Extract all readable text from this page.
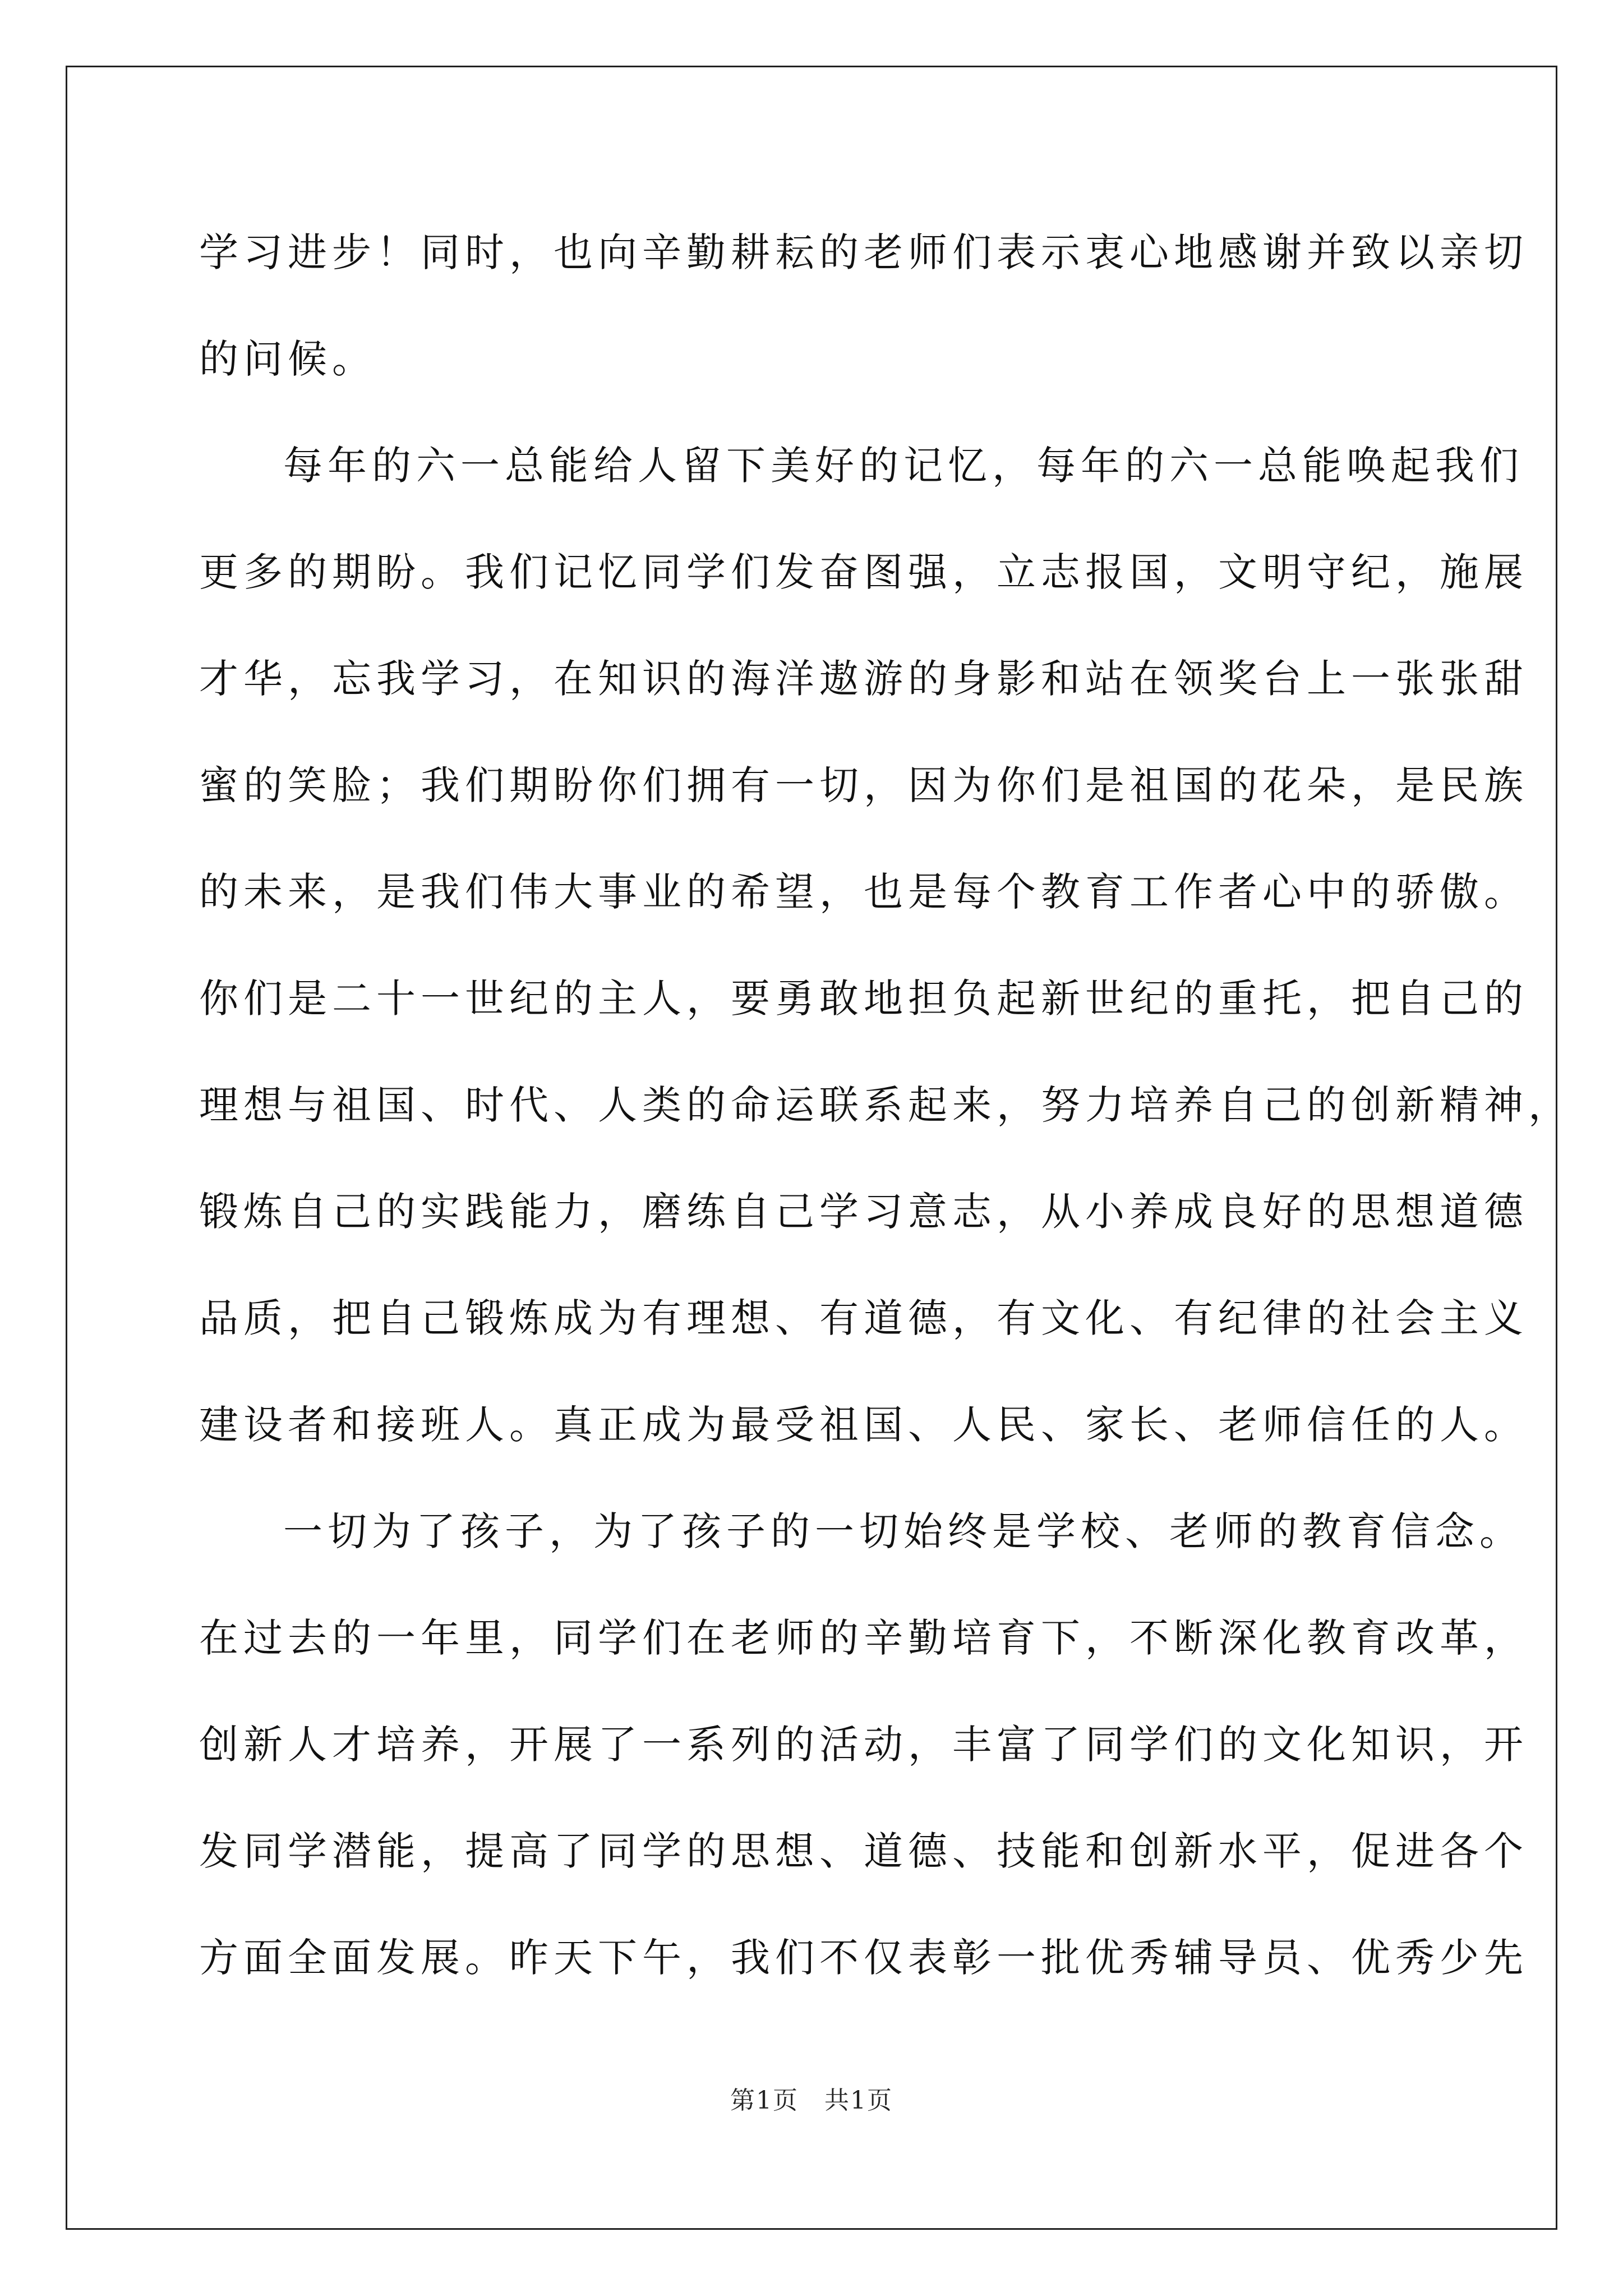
学习进步！同时，也向辛勤耕耘的老师们表示衷心地感谢并致以亲切
的问候。
每年的六一总能给人留下美好的记忆，每年的六一总能唤起我们
更多的期盼。我们记忆同学们发奋图强，立志报国，文明守纪，施展
才华，忘我学习，在知识的海洋遨游的身影和站在领奖台上一张张甜
蜜的笑脸；我们期盼你们拥有一切，因为你们是祖国的花朵，是民族
的未来，是我们伟大事业的希望，也是每个教育工作者心中的骄傲。
你们是二十一世纪的主人，要勇敢地担负起新世纪的重托，把自己的
理想与祖国、时代、人类的命运联系起来，努力培养自己的创新精神，
锻炼自己的实践能力，磨练自己学习意志，从小养成良好的思想道德
品质，把自己锻炼成为有理想、有道德，有文化、有纪律的社会主义
建设者和接班人。真正成为最受祖国、人民、家长、老师信任的人。
一切为了孩子，为了孩子的一切始终是学校、老师的教育信念。
在过去的一年里，同学们在老师的辛勤培育下，不断深化教育改革，
创新人才培养，开展了一系列的活动，丰富了同学们的文化知识，开
发同学潜能，提高了同学的思想、道德、技能和创新水平，促进各个
方面全面发展。昨天下午，我们不仅表彰一批优秀辅导员、优秀少先
第1页　共1页
